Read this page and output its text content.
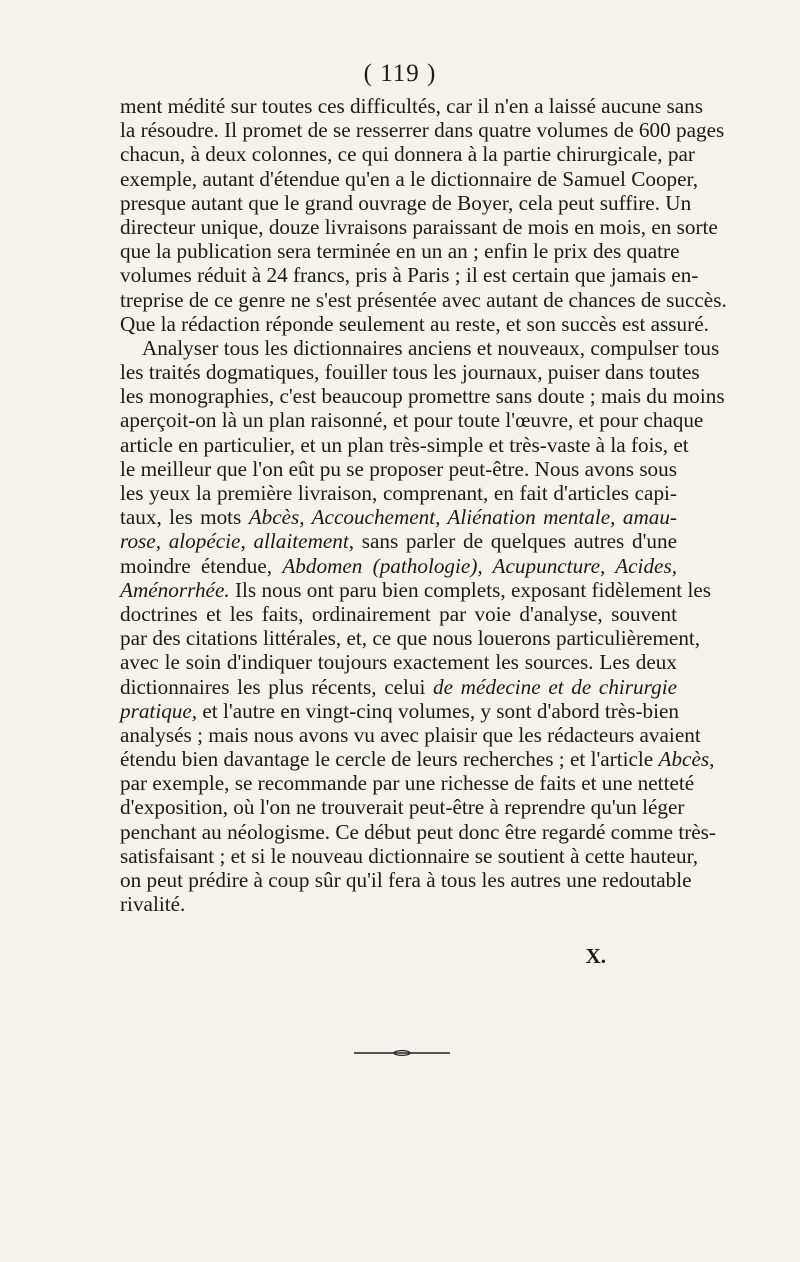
( 119 )
ment médité sur toutes ces difficultés, car il n'en a laissé aucune sans
la résoudre. Il promet de se resserrer dans quatre volumes de 600 pages
chacun, à deux colonnes, ce qui donnera à la partie chirurgicale, par
exemple, autant d'étendue qu'en a le dictionnaire de Samuel Cooper,
presque autant que le grand ouvrage de Boyer, cela peut suffire. Un
directeur unique, douze livraisons paraissant de mois en mois, en sorte
que la publication sera terminée en un an ; enfin le prix des quatre
volumes réduit à 24 francs, pris à Paris ; il est certain que jamais en-
treprise de ce genre ne s'est présentée avec autant de chances de succès.
Que la rédaction réponde seulement au reste, et son succès est assuré.
Analyser tous les dictionnaires anciens et nouveaux, compulser tous
les traités dogmatiques, fouiller tous les journaux, puiser dans toutes
les monographies, c'est beaucoup promettre sans doute ; mais du moins
aperçoit-on là un plan raisonné, et pour toute l'œuvre, et pour chaque
article en particulier, et un plan très-simple et très-vaste à la fois, et
le meilleur que l'on eût pu se proposer peut-être. Nous avons sous
les yeux la première livraison, comprenant, en fait d'articles capi-
taux, les mots Abcès, Accouchement, Aliénation mentale, amau-
rose, alopécie, allaitement, sans parler de quelques autres d'une
moindre étendue, Abdomen (pathologie), Acupuncture, Acides,
Aménorrhée. Ils nous ont paru bien complets, exposant fidèlement les
doctrines et les faits, ordinairement par voie d'analyse, souvent
par des citations littérales, et, ce que nous louerons particulièrement,
avec le soin d'indiquer toujours exactement les sources. Les deux
dictionnaires les plus récents, celui de médecine et de chirurgie
pratique, et l'autre en vingt-cinq volumes, y sont d'abord très-bien
analysés ; mais nous avons vu avec plaisir que les rédacteurs avaient
étendu bien davantage le cercle de leurs recherches ; et l'article Abcès,
par exemple, se recommande par une richesse de faits et une netteté
d'exposition, où l'on ne trouverait peut-être à reprendre qu'un léger
penchant au néologisme. Ce début peut donc être regardé comme très-
satisfaisant ; et si le nouveau dictionnaire se soutient à cette hauteur,
on peut prédire à coup sûr qu'il fera à tous les autres une redoutable
rivalité.
X.
